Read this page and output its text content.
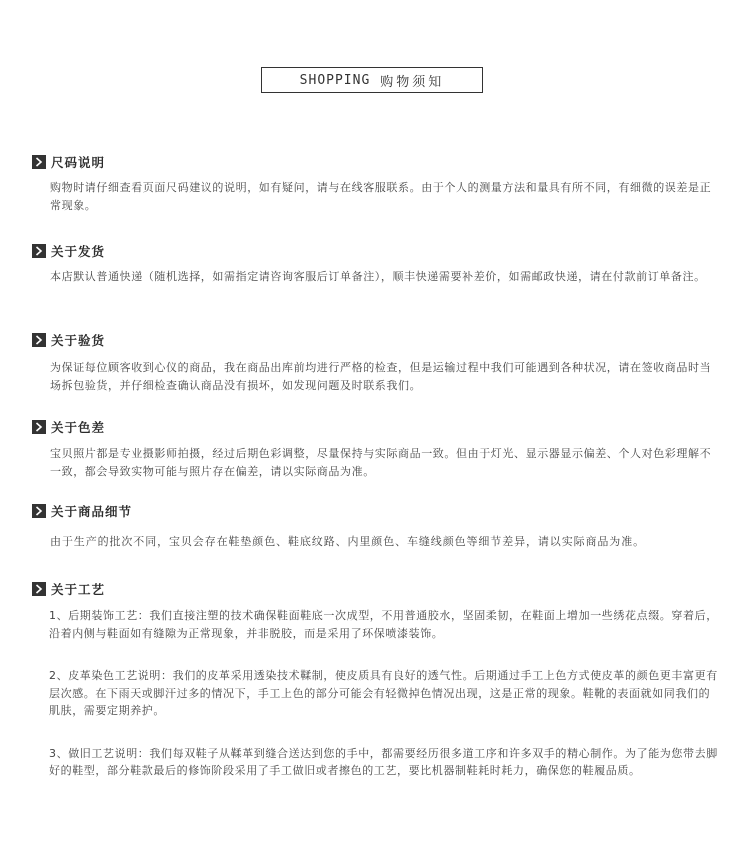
SHOPPING 购物须知
尺码说明

购物时请仔细查看页面尺码建议的说明，如有疑问，请与在线客服联系。由于个人的测量方法和量具有所不同，有细微的误差是正常现象。

关于发货

本店默认普通快递（随机选择，如需指定请咨询客服后订单备注），顺丰快递需要补差价，如需邮政快递，请在付款前订单备注。

关于验货

为保证每位顾客收到心仪的商品，我在商品出库前均进行严格的检查，但是运输过程中我们可能遇到各种状况，请在签收商品时当场拆包验货，并仔细检查确认商品没有损坏，如发现问题及时联系我们。

关于色差

宝贝照片都是专业摄影师拍摄，经过后期色彩调整，尽量保持与实际商品一致。但由于灯光、显示器显示偏差、个人对色彩理解不一致，都会导致实物可能与照片存在偏差，请以实际商品为准。

关于商品细节

由于生产的批次不同，宝贝会存在鞋垫颜色、鞋底纹路、内里颜色、车缝线颜色等细节差异，请以实际商品为准。

关于工艺

1、后期装饰工艺：我们直接注塑的技术确保鞋面鞋底一次成型，不用普通胶水，坚固柔韧，在鞋面上增加一些绣花点缀。穿着后，沿着内侧与鞋面如有缝隙为正常现象，并非脱胶，而是采用了环保喷漆装饰。

2、皮革染色工艺说明：我们的皮革采用透染技术鞣制，使皮质具有良好的透气性。后期通过手工上色方式使皮革的颜色更丰富更有层次感。在下雨天或脚汗过多的情况下，手工上色的部分可能会有轻微掉色情况出现，这是正常的现象。鞋靴的表面就如同我们的肌肤，需要定期养护。

3、做旧工艺说明：我们每双鞋子从鞣革到缝合送达到您的手中，都需要经历很多道工序和许多双手的精心制作。为了能为您带去脚好的鞋型，部分鞋款最后的修饰阶段采用了手工做旧或者擦色的工艺，要比机器制鞋耗时耗力，确保您的鞋履品质。
